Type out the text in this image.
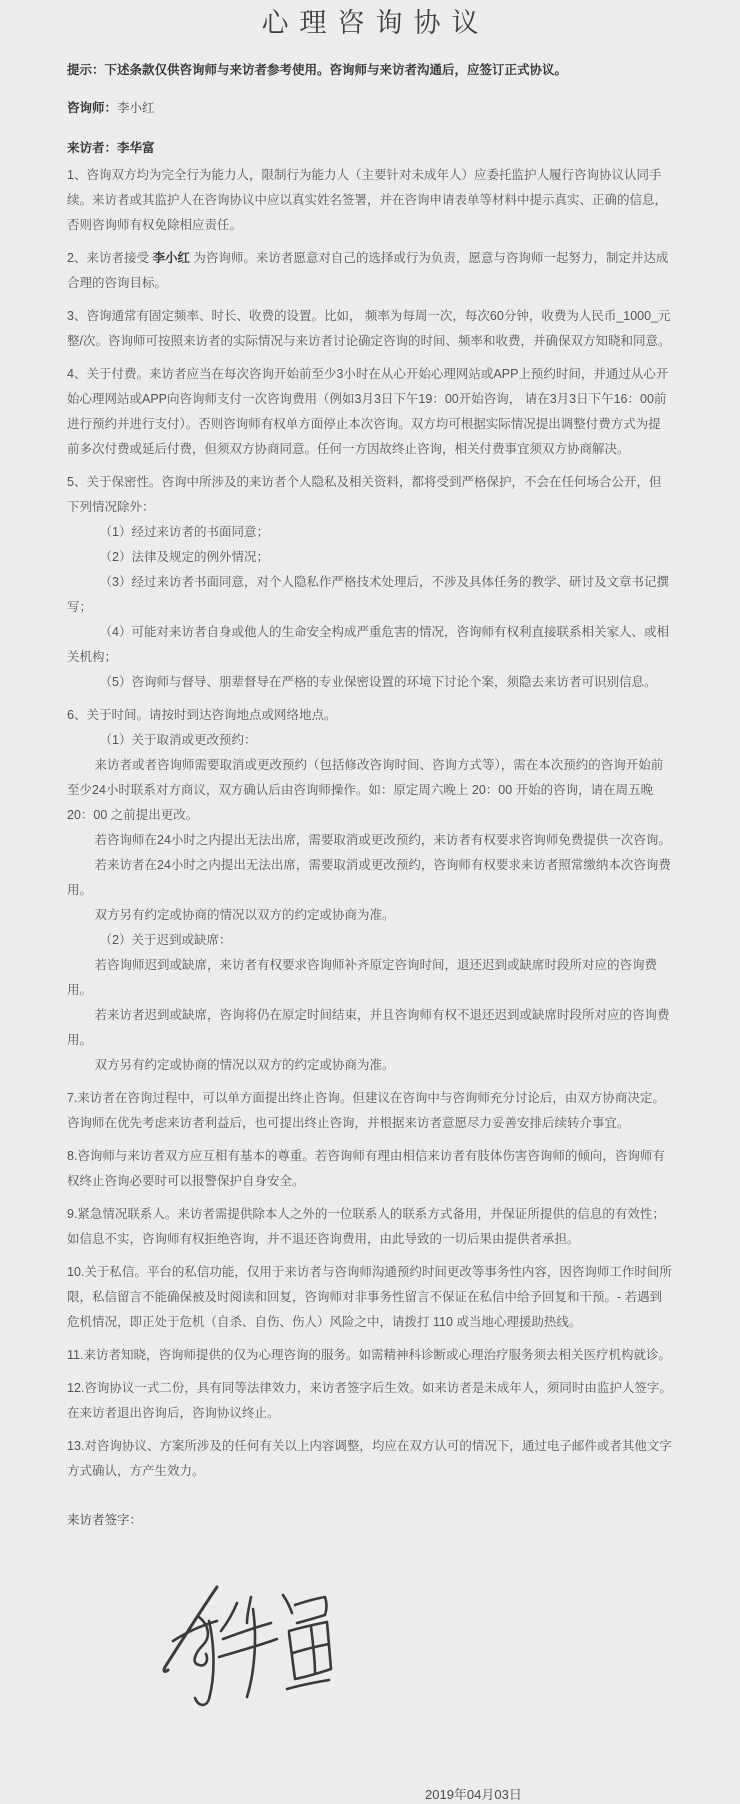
心理咨询协议
提示：下述条款仅供咨询师与来访者参考使用。咨询师与来访者沟通后，应签订正式协议。
咨询师：李小红
来访者：李华富

1、咨询双方均为完全行为能力人，限制行为能力人（主要针对未成年人）应委托监护人履行咨询协议认同手续。来访者或其监护人在咨询协议中应以真实姓名签署，并在咨询申请表单等材料中提示真实、正确的信息，否则咨询师有权免除相应责任。

2、来访者接受 李小红 为咨询师。来访者愿意对自己的选择或行为负责，愿意与咨询师一起努力，制定并达成合理的咨询目标。

3、咨询通常有固定频率、时长、收费的设置。比如， 频率为每周一次，每次60分钟，收费为人民币_1000_元整/次。咨询师可按照来访者的实际情况与来访者讨论确定咨询的时间、频率和收费，并确保双方知晓和同意。

4、关于付费。来访者应当在每次咨询开始前至少3小时在从心开始心理网站或APP上预约时间，并通过从心开始心理网站或APP向咨询师支付一次咨询费用（例如3月3日下午19：00开始咨询， 请在3月3日下午16：00前进行预约并进行支付）。否则咨询师有权单方面停止本次咨询。双方均可根据实际情况提出调整付费方式为提前多次付费或延后付费，但须双方协商同意。任何一方因故终止咨询，相关付费事宜须双方协商解决。

5、关于保密性。咨询中所涉及的来访者个人隐私及相关资料，都将受到严格保护，不会在任何场合公开，但下列情况除外：
（1）经过来访者的书面同意；
（2）法律及规定的例外情况；
（3）经过来访者书面同意，对个人隐私作严格技术处理后，不涉及具体任务的教学、研讨及文章书记撰写；
（4）可能对来访者自身或他人的生命安全构成严重危害的情况，咨询师有权利直接联系相关家人、或相关机构；
（5）咨询师与督导、朋辈督导在严格的专业保密设置的环境下讨论个案，须隐去来访者可识别信息。
6、关于时间。请按时到达咨询地点或网络地点。
（1）关于取消或更改预约：
来访者或者咨询师需要取消或更改预约（包括修改咨询时间、咨询方式等），需在本次预约的咨询开始前至少24小时联系对方商议，双方确认后由咨询师操作。如：原定周六晚上 20：00 开始的咨询，请在周五晚 20：00 之前提出更改。
若咨询师在24小时之内提出无法出席，需要取消或更改预约，来访者有权要求咨询师免费提供一次咨询。
若来访者在24小时之内提出无法出席，需要取消或更改预约，咨询师有权要求来访者照常缴纳本次咨询费用。
双方另有约定或协商的情况以双方的约定或协商为准。
（2）关于迟到或缺席：
若咨询师迟到或缺席，来访者有权要求咨询师补齐原定咨询时间，退还迟到或缺席时段所对应的咨询费用。
若来访者迟到或缺席，咨询将仍在原定时间结束，并且咨询师有权不退还迟到或缺席时段所对应的咨询费用。
双方另有约定或协商的情况以双方的约定或协商为准。

7.来访者在咨询过程中，可以单方面提出终止咨询。但建议在咨询中与咨询师充分讨论后，由双方协商决定。咨询师在优先考虑来访者利益后，也可提出终止咨询，并根据来访者意愿尽力妥善安排后续转介事宜。

8.咨询师与来访者双方应互相有基本的尊重。若咨询师有理由相信来访者有肢体伤害咨询师的倾向，咨询师有权终止咨询必要时可以报警保护自身安全。

9.紧急情况联系人。来访者需提供除本人之外的一位联系人的联系方式备用，并保证所提供的信息的有效性；如信息不实，咨询师有权拒绝咨询，并不退还咨询费用，由此导致的一切后果由提供者承担。

10.关于私信。平台的私信功能，仅用于来访者与咨询师沟通预约时间更改等事务性内容，因咨询师工作时间所限，私信留言不能确保被及时阅读和回复，咨询师对非事务性留言不保证在私信中给予回复和干预。- 若遇到危机情况，即正处于危机（自杀、自伤、伤人）风险之中，请拨打 110 或当地心理援助热线。

11.来访者知晓，咨询师提供的仅为心理咨询的服务。如需精神科诊断或心理治疗服务须去相关医疗机构就诊。

12.咨询协议一式二份，具有同等法律效力，来访者签字后生效。如来访者是未成年人，须同时由监护人签字。在来访者退出咨询后，咨询协议终止。

13.对咨询协议、方案所涉及的任何有关以上内容调整，均应在双方认可的情况下，通过电子邮件或者其他文字方式确认，方产生效力。

来访者签字：
2019年04月03日
